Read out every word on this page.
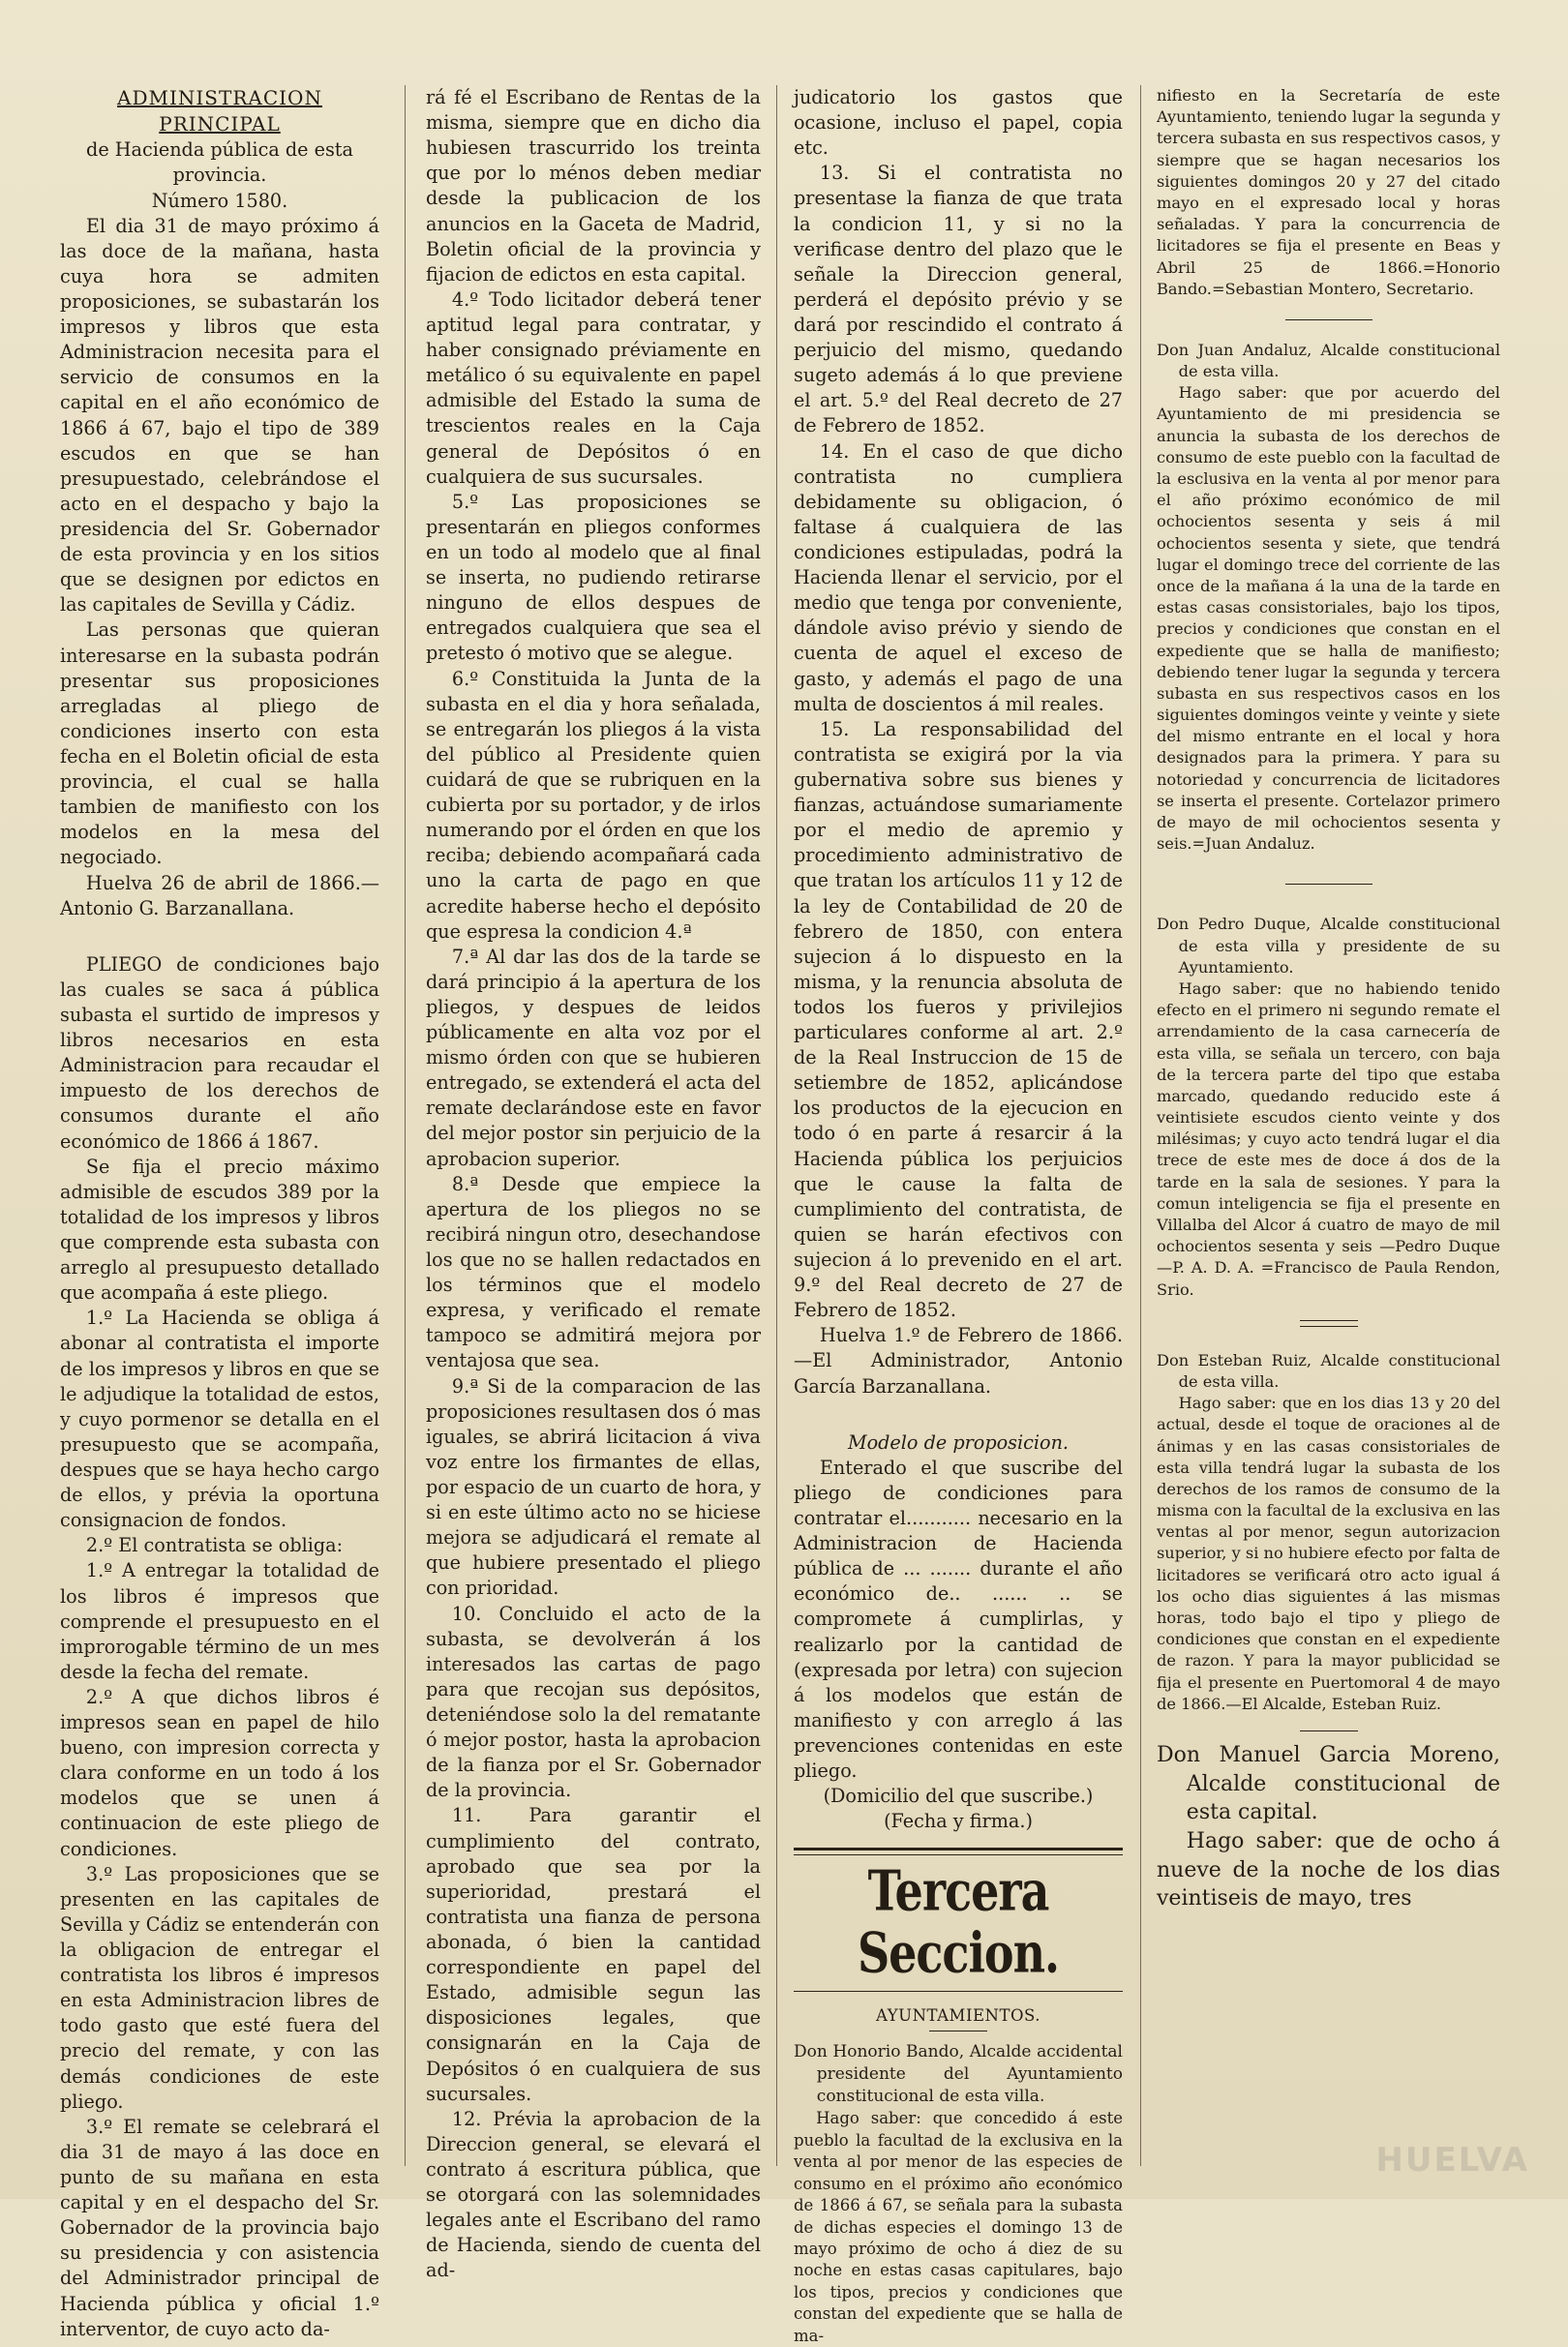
ADMINISTRACION PRINCIPAL

de Hacienda pública de esta provincia.

Número 1580.

El dia 31 de mayo próximo á las doce de la mañana, hasta cuya hora se admiten proposiciones, se subastarán los impresos y libros que esta Administracion necesita para el servicio de consumos en la capital en el año económico de 1866 á 67, bajo el tipo de 389 escudos en que se han presupuestado, celebrándose el acto en el despacho y bajo la presidencia del Sr. Gobernador de esta provincia y en los sitios que se designen por edictos en las capitales de Sevilla y Cádiz.

Las personas que quieran interesarse en la subasta podrán presentar sus proposiciones arregladas al pliego de condiciones inserto con esta fecha en el Boletin oficial de esta provincia, el cual se halla tambien de manifiesto con los modelos en la mesa del negociado.

Huelva 26 de abril de 1866.— Antonio G. Barzanallana.

PLIEGO de condiciones bajo las cuales se saca á pública subasta el surtido de impresos y libros necesarios en esta Administracion para recaudar el impuesto de los derechos de consumos durante el año económico de 1866 á 1867.

Se fija el precio máximo admisible de escudos 389 por la totalidad de los impresos y libros que comprende esta subasta con arreglo al presupuesto detallado que acompaña á este pliego.

1.º La Hacienda se obliga á abonar al contratista el importe de los impresos y libros en que se le adjudique la totalidad de estos, y cuyo pormenor se detalla en el presupuesto que se acompaña, despues que se haya hecho cargo de ellos, y prévia la oportuna consignacion de fondos.

2.º El contratista se obliga:

1.º A entregar la totalidad de los libros é impresos que comprende el presupuesto en el improrogable término de un mes desde la fecha del remate.

2.º A que dichos libros é impresos sean en papel de hilo bueno, con impresion correcta y clara conforme en un todo á los modelos que se unen á continuacion de este pliego de condiciones.

3.º Las proposiciones que se presenten en las capitales de Sevilla y Cádiz se entenderán con la obligacion de entregar el contratista los libros é impresos en esta Administracion libres de todo gasto que esté fuera del precio del remate, y con las demás condiciones de este pliego.

3.º El remate se celebrará el dia 31 de mayo á las doce en punto de su mañana en esta capital y en el despacho del Sr. Gobernador de la provincia bajo su presidencia y con asistencia del Administrador principal de Hacienda pública y oficial 1.º interventor, de cuyo acto da-

rá fé el Escribano de Rentas de la misma, siempre que en dicho dia hubiesen trascurrido los treinta que por lo ménos deben mediar desde la publicacion de los anuncios en la Gaceta de Madrid, Boletin oficial de la provincia y fijacion de edictos en esta capital.

4.º Todo licitador deberá tener aptitud legal para contratar, y haber consignado préviamente en metálico ó su equivalente en papel admisible del Estado la suma de trescientos reales en la Caja general de Depósitos ó en cualquiera de sus sucursales.

5.º Las proposiciones se presentarán en pliegos conformes en un todo al modelo que al final se inserta, no pudiendo retirarse ninguno de ellos despues de entregados cualquiera que sea el pretesto ó motivo que se alegue.

6.º Constituida la Junta de la subasta en el dia y hora señalada, se entregarán los pliegos á la vista del público al Presidente quien cuidará de que se rubriquen en la cubierta por su portador, y de irlos numerando por el órden en que los reciba; debiendo acompañará cada uno la carta de pago en que acredite haberse hecho el depósito que espresa la condicion 4.ª

7.ª Al dar las dos de la tarde se dará principio á la apertura de los pliegos, y despues de leidos públicamente en alta voz por el mismo órden con que se hubieren entregado, se extenderá el acta del remate declarándose este en favor del mejor postor sin perjuicio de la aprobacion superior.

8.ª Desde que empiece la apertura de los pliegos no se recibirá ningun otro, desechandose los que no se hallen redactados en los términos que el modelo expresa, y verificado el remate tampoco se admitirá mejora por ventajosa que sea.

9.ª Si de la comparacion de las proposiciones resultasen dos ó mas iguales, se abrirá licitacion á viva voz entre los firmantes de ellas, por espacio de un cuarto de hora, y si en este último acto no se hiciese mejora se adjudicará el remate al que hubiere presentado el pliego con prioridad.

10. Concluido el acto de la subasta, se devolverán á los interesados las cartas de pago para que recojan sus depósitos, deteniéndose solo la del rematante ó mejor postor, hasta la aprobacion de la fianza por el Sr. Gobernador de la provincia.

11. Para garantir el cumplimiento del contrato, aprobado que sea por la superioridad, prestará el contratista una fianza de persona abonada, ó bien la cantidad correspondiente en papel del Estado, admisible segun las disposiciones legales, que consignarán en la Caja de Depósitos ó en cualquiera de sus sucursales.

12. Prévia la aprobacion de la Direccion general, se elevará el contrato á escritura pública, que se otorgará con las solemnidades legales ante el Escribano del ramo de Hacienda, siendo de cuenta del ad-

judicatorio los gastos que ocasione, incluso el papel, copia etc.

13. Si el contratista no presentase la fianza de que trata la condicion 11, y si no la verificase dentro del plazo que le señale la Direccion general, perderá el depósito prévio y se dará por rescindido el contrato á perjuicio del mismo, quedando sugeto además á lo que previene el art. 5.º del Real decreto de 27 de Febrero de 1852.

14. En el caso de que dicho contratista no cumpliera debidamente su obligacion, ó faltase á cualquiera de las condiciones estipuladas, podrá la Hacienda llenar el servicio, por el medio que tenga por conveniente, dándole aviso prévio y siendo de cuenta de aquel el exceso de gasto, y además el pago de una multa de doscientos á mil reales.

15. La responsabilidad del contratista se exigirá por la via gubernativa sobre sus bienes y fianzas, actuándose sumariamente por el medio de apremio y procedimiento administrativo de que tratan los artículos 11 y 12 de la ley de Contabilidad de 20 de febrero de 1850, con entera sujecion á lo dispuesto en la misma, y la renuncia absoluta de todos los fueros y privilejios particulares conforme al art. 2.º de la Real Instruccion de 15 de setiembre de 1852, aplicándose los productos de la ejecucion en todo ó en parte á resarcir á la Hacienda pública los perjuicios que le cause la falta de cumplimiento del contratista, de quien se harán efectivos con sujecion á lo prevenido en el art. 9.º del Real decreto de 27 de Febrero de 1852.

Huelva 1.º de Febrero de 1866. —El Administrador, Antonio García Barzanallana.

Modelo de proposicion.

Enterado el que suscribe del pliego de condiciones para contratar el........... necesario en la Administracion de Hacienda pública de ... ....... durante el año económico de.. ...... .. se compromete á cumplirlas, y realizarlo por la cantidad de (expresada por letra) con sujecion á los modelos que están de manifiesto y con arreglo á las prevenciones contenidas en este pliego.

(Domicilio del que suscribe.)

(Fecha y firma.)

Tercera Seccion.

AYUNTAMIENTOS.

Don Honorio Bando, Alcalde accidental presidente del Ayuntamiento constitucional de esta villa.

Hago saber: que concedido á este pueblo la facultad de la exclusiva en la venta al por menor de las especies de consumo en el próximo año económico de 1866 á 67, se señala para la subasta de dichas especies el domingo 13 de mayo próximo de ocho á diez de su noche en estas casas capitulares, bajo los tipos, precios y condiciones que constan del expediente que se halla de ma-

nifiesto en la Secretaría de este Ayuntamiento, teniendo lugar la segunda y tercera subasta en sus respectivos casos, y siempre que se hagan necesarios los siguientes domingos 20 y 27 del citado mayo en el expresado local y horas señaladas. Y para la concurrencia de licitadores se fija el presente en Beas y Abril 25 de 1866.=Honorio Bando.=Sebastian Montero, Secretario.

Don Juan Andaluz, Alcalde constitucional de esta villa.

Hago saber: que por acuerdo del Ayuntamiento de mi presidencia se anuncia la subasta de los derechos de consumo de este pueblo con la facultad de la esclusiva en la venta al por menor para el año próximo económico de mil ochocientos sesenta y seis á mil ochocientos sesenta y siete, que tendrá lugar el domingo trece del corriente de las once de la mañana á la una de la tarde en estas casas consistoriales, bajo los tipos, precios y condiciones que constan en el expediente que se halla de manifiesto; debiendo tener lugar la segunda y tercera subasta en sus respectivos casos en los siguientes domingos veinte y veinte y siete del mismo entrante en el local y hora designados para la primera. Y para su notoriedad y concurrencia de licitadores se inserta el presente. Cortelazor primero de mayo de mil ochocientos sesenta y seis.=Juan Andaluz.

Don Pedro Duque, Alcalde constitucional de esta villa y presidente de su Ayuntamiento.

Hago saber: que no habiendo tenido efecto en el primero ni segundo remate el arrendamiento de la casa carnecería de esta villa, se señala un tercero, con baja de la tercera parte del tipo que estaba marcado, quedando reducido este á veintisiete escudos ciento veinte y dos milésimas; y cuyo acto tendrá lugar el dia trece de este mes de doce á dos de la tarde en la sala de sesiones. Y para la comun inteligencia se fija el presente en Villalba del Alcor á cuatro de mayo de mil ochocientos sesenta y seis —Pedro Duque —P. A. D. A. =Francisco de Paula Rendon, Srio.

Don Esteban Ruiz, Alcalde constitucional de esta villa.

Hago saber: que en los dias 13 y 20 del actual, desde el toque de oraciones al de ánimas y en las casas consistoriales de esta villa tendrá lugar la subasta de los derechos de los ramos de consumo de la misma con la facultal de la exclusiva en las ventas al por menor, segun autorizacion superior, y si no hubiere efecto por falta de licitadores se verificará otro acto igual á los ocho dias siguientes á las mismas horas, todo bajo el tipo y pliego de condiciones que constan en el expediente de razon. Y para la mayor publicidad se fija el presente en Puertomoral 4 de mayo de 1866.—El Alcalde, Esteban Ruiz.

Don Manuel Garcia Moreno, Alcalde constitucional de esta capital.

Hago saber: que de ocho á nueve de la noche de los dias veintiseis de mayo, tres

HUELVA
